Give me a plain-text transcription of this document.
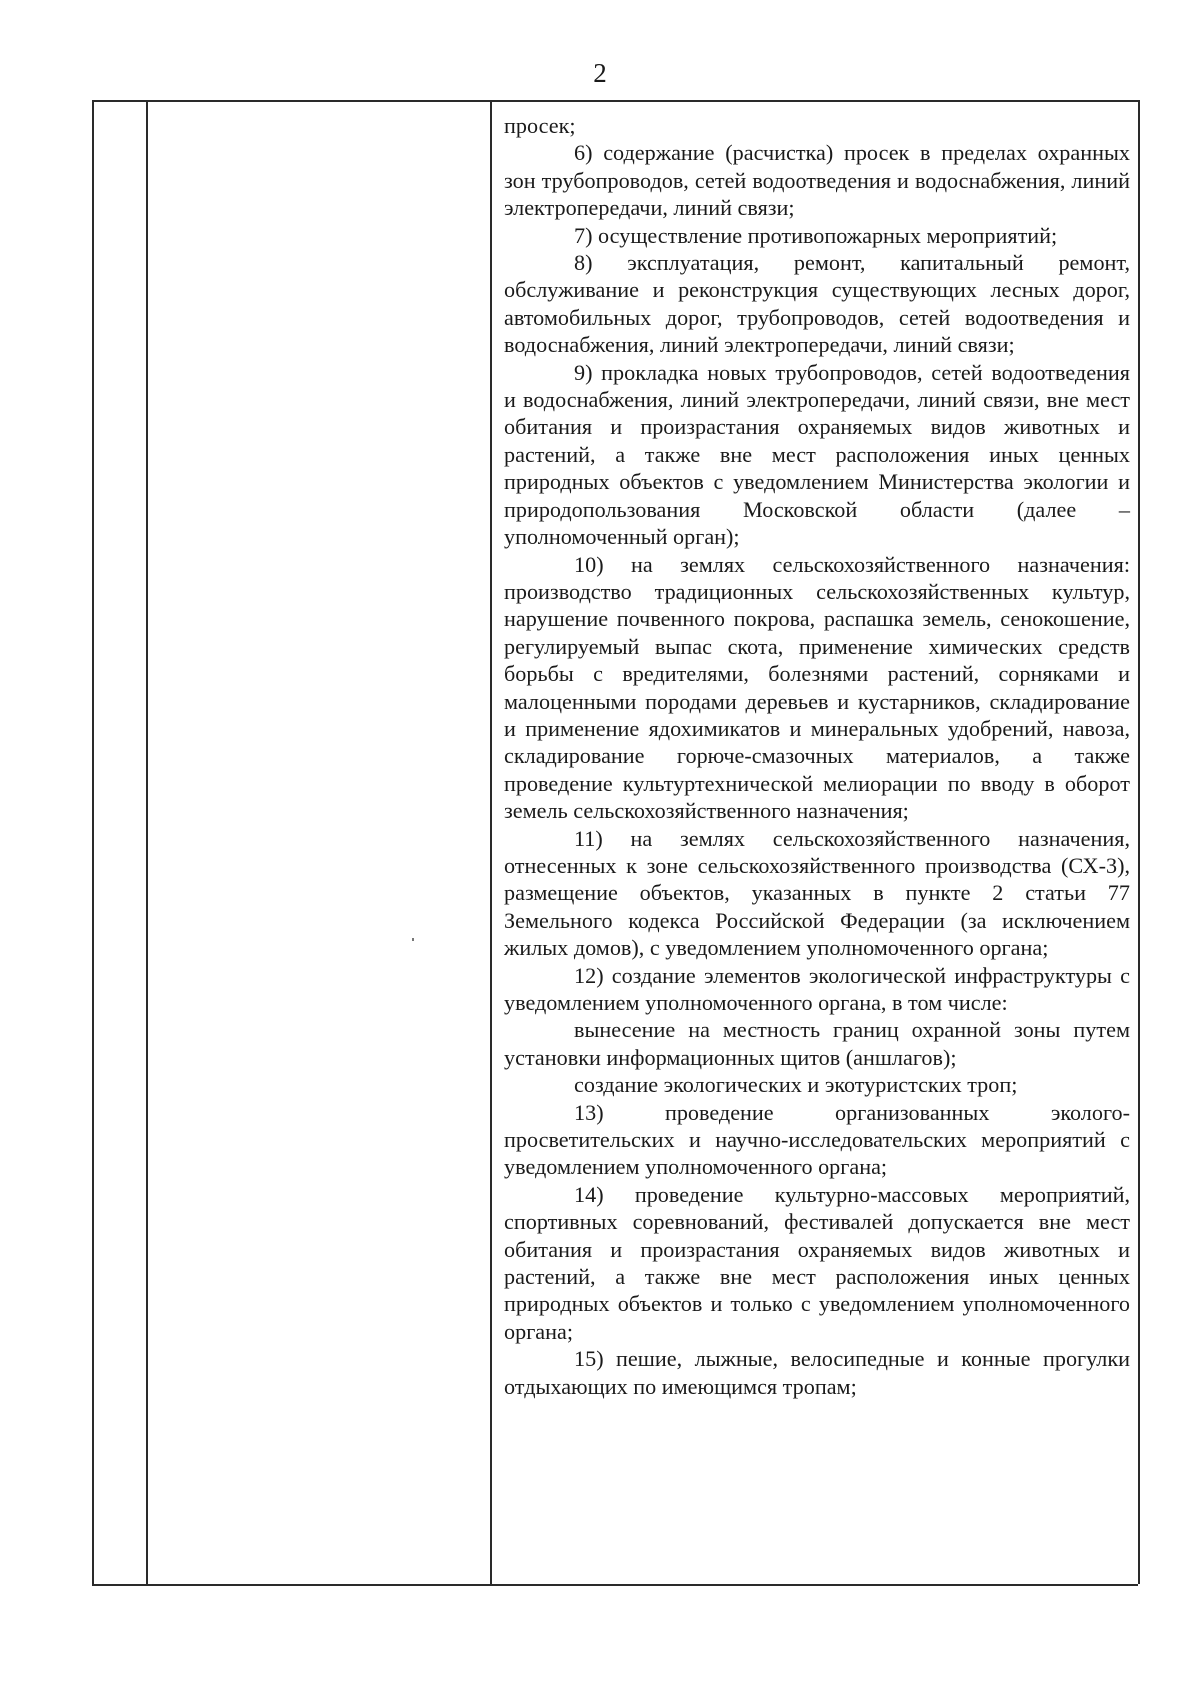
2

просек;

6) содержание (расчистка) просек в пределах охранных зон трубопроводов, сетей водоотведения и водоснабжения, линий электропередачи, линий связи;

7) осуществление противопожарных мероприятий;

8) эксплуатация, ремонт, капитальный ремонт, обслуживание и реконструкция существующих лесных дорог, автомобильных дорог, трубопроводов, сетей водоотведения и водоснабжения, линий электропередачи, линий связи;

9) прокладка новых трубопроводов, сетей водоотведения и водоснабжения, линий электропередачи, линий связи, вне мест обитания и произрастания охраняемых видов животных и растений, а также вне мест расположения иных ценных природных объектов с уведомлением Министерства экологии и природопользования Московской области (далее – уполномоченный орган);

10) на землях сельскохозяйственного назначения: производство традиционных сельскохозяйственных культур, нарушение почвенного покрова, распашка земель, сенокошение, регулируемый выпас скота, применение химических средств борьбы с вредителями, болезнями растений, сорняками и малоценными породами деревьев и кустарников, складирование и применение ядохимикатов и минеральных удобрений, навоза, складирование горюче-смазочных материалов, а также проведение культуртехнической мелиорации по вводу в оборот земель сельскохозяйственного назначения;

11) на землях сельскохозяйственного назначения, отнесенных к зоне сельскохозяйственного производства (СХ-3), размещение объектов, указанных в пункте 2 статьи 77 Земельного кодекса Российской Федерации (за исключением жилых домов), с уведомлением уполномоченного органа;

12) создание элементов экологической инфраструктуры с уведомлением уполномоченного органа, в том числе:

вынесение на местность границ охранной зоны путем установки информационных щитов (аншлагов);

создание экологических и экотуристских троп;

13) проведение организованных эколого-просветительских и научно-исследовательских мероприятий с уведомлением уполномоченного органа;

14) проведение культурно-массовых мероприятий, спортивных соревнований, фестивалей допускается вне мест обитания и произрастания охраняемых видов животных и растений, а также вне мест расположения иных ценных природных объектов и только с уведомлением уполномоченного органа;

15) пешие, лыжные, велосипедные и конные прогулки отдыхающих по имеющимся тропам;
